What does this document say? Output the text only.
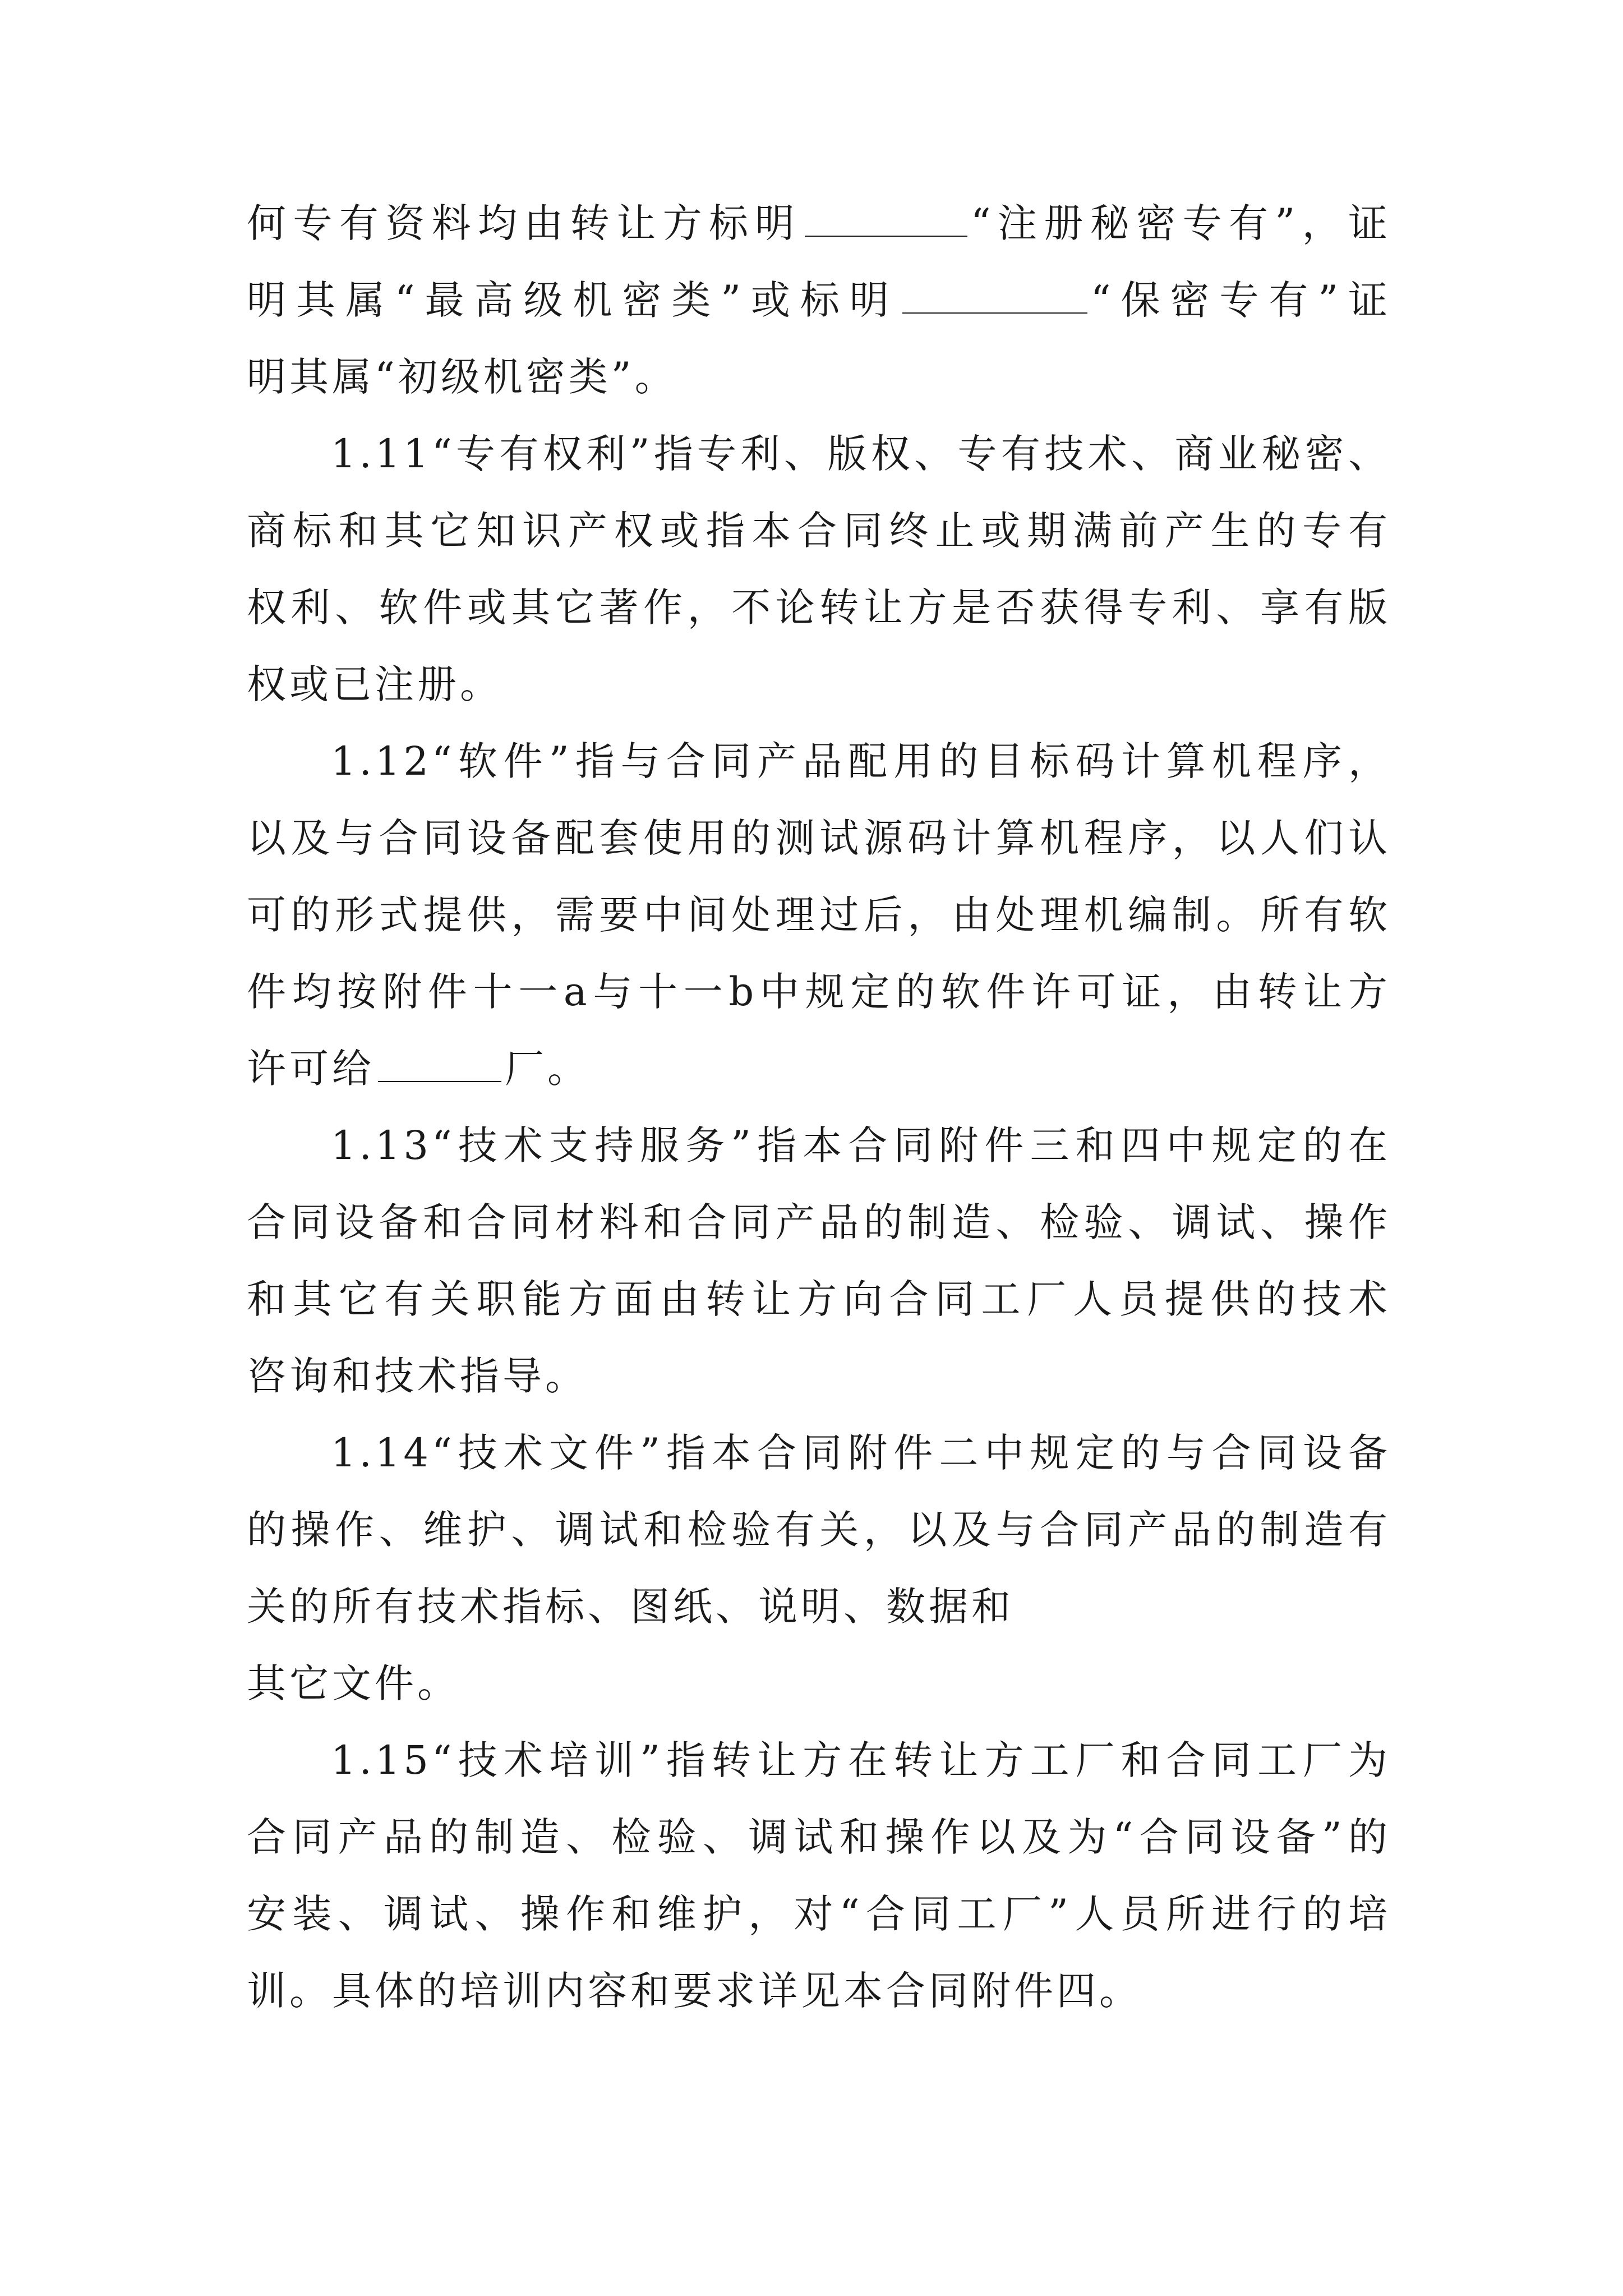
何专有资料均由转让方标明	“注册秘密专有”，证
明其属“最高级机密类”或标明	“保密专有”证
明其属“初级机密类”。
1.11“专有权利”指专利、版权、专有技术、商业秘密、
商标和其它知识产权或指本合同终止或期满前产生的专有
权利、软件或其它著作，不论转让方是否获得专利、享有版
权或已注册。
1.12“软件”指与合同产品配用的目标码计算机程序，
以及与合同设备配套使用的测试源码计算机程序，以人们认
可的形式提供，需要中间处理过后，由处理机编制。所有软
件均按附件十一a与十一b中规定的软件许可证，由转让方
许可给	厂。
1.13“技术支持服务”指本合同附件三和四中规定的在
合同设备和合同材料和合同产品的制造、检验、调试、操作
和其它有关职能方面由转让方向合同工厂人员提供的技术
咨询和技术指导。
1.14“技术文件”指本合同附件二中规定的与合同设备
的操作、维护、调试和检验有关，以及与合同产品的制造有
关的所有技术指标、图纸、说明、数据和
其它文件。
1.15“技术培训”指转让方在转让方工厂和合同工厂为
合同产品的制造、检验、调试和操作以及为“合同设备”的
安装、调试、操作和维护，对“合同工厂”人员所进行的培
训。具体的培训内容和要求详见本合同附件四。
